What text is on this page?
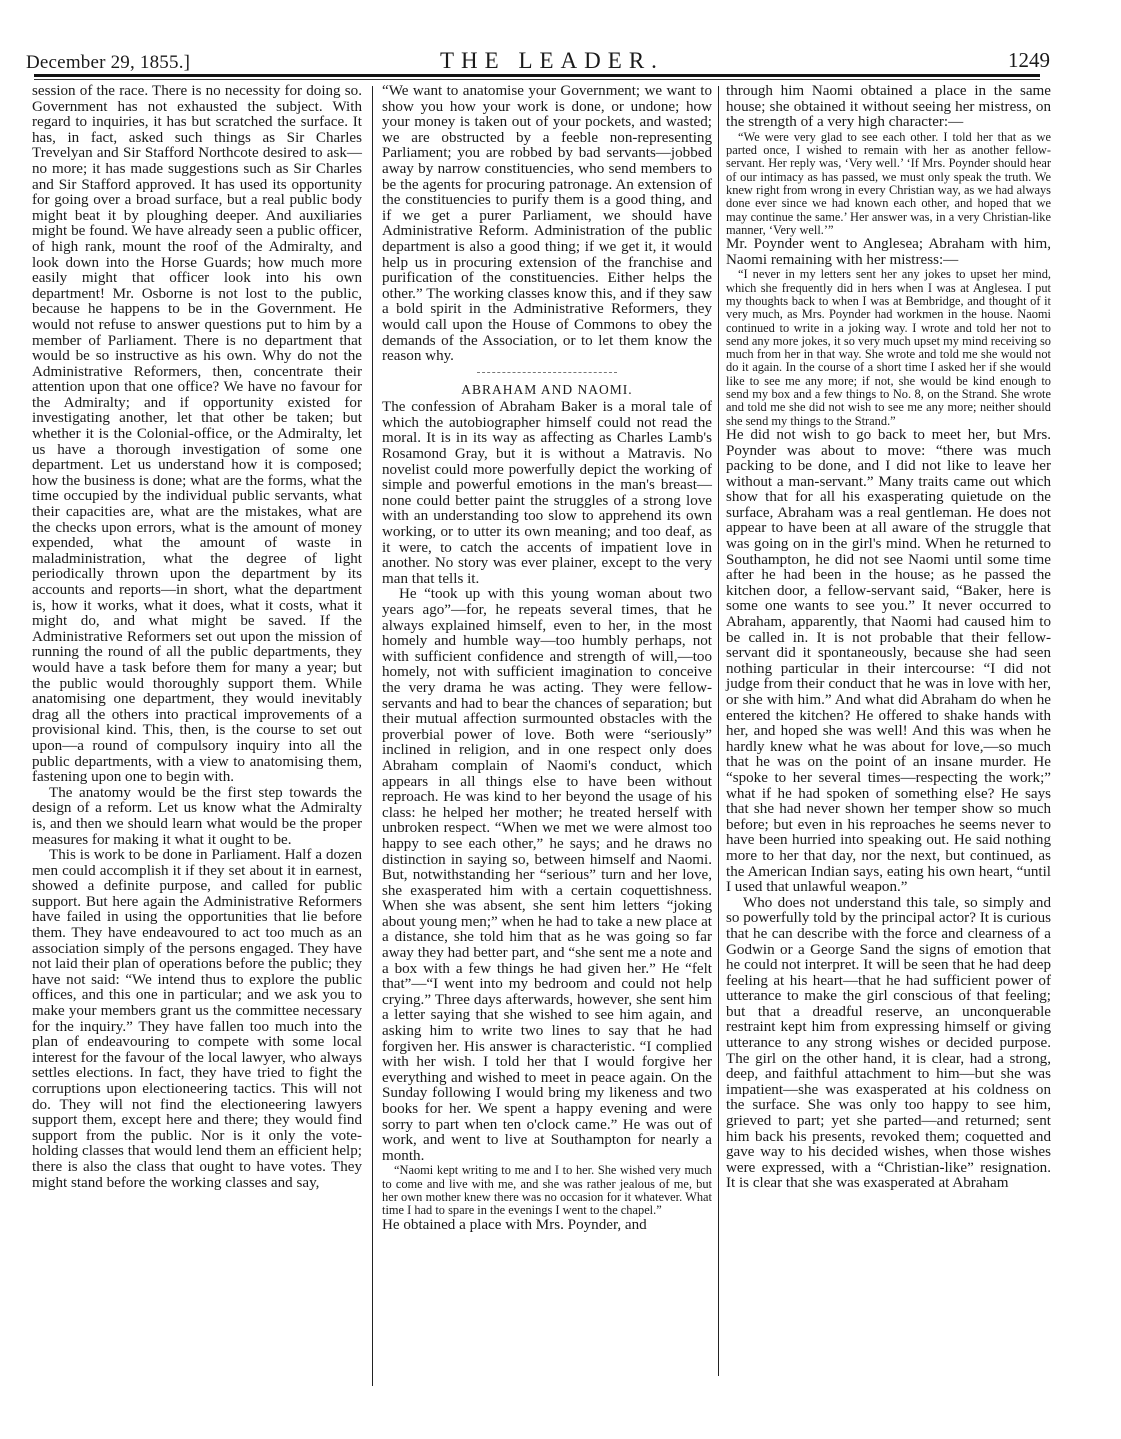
December 29, 1855.]	THE LEADER.	1249

session of the race. There is no necessity for doing so. Government has not exhausted the subject. With regard to inquiries, it has but scratched the surface. It has, in fact, asked such things as Sir Charles Trevelyan and Sir Stafford Northcote desired to ask—no more; it has made suggestions such as Sir Charles and Sir Stafford approved. It has used its opportunity for going over a broad surface, but a real public body might beat it by ploughing deeper. And auxiliaries might be found. We have already seen a public officer, of high rank, mount the roof of the Admiralty, and look down into the Horse Guards; how much more easily might that officer look into his own department! Mr. Osborne is not lost to the public, because he happens to be in the Government. He would not refuse to answer questions put to him by a member of Parliament. There is no department that would be so instructive as his own. Why do not the Administrative Reformers, then, concentrate their attention upon that one office? We have no favour for the Admiralty; and if opportunity existed for investigating another, let that other be taken; but whether it is the Colonial-office, or the Admiralty, let us have a thorough investigation of some one department. Let us understand how it is composed; how the business is done; what are the forms, what the time occupied by the individual public servants, what their capacities are, what are the mistakes, what are the checks upon errors, what is the amount of money expended, what the amount of waste in maladministration, what the degree of light periodically thrown upon the department by its accounts and reports—in short, what the department is, how it works, what it does, what it costs, what it might do, and what might be saved. If the Administrative Reformers set out upon the mission of running the round of all the public departments, they would have a task before them for many a year; but the public would thoroughly support them. While anatomising one department, they would inevitably drag all the others into practical improvements of a provisional kind. This, then, is the course to set out upon—a round of compulsory inquiry into all the public departments, with a view to anatomising them, fastening upon one to begin with.

The anatomy would be the first step towards the design of a reform. Let us know what the Admiralty is, and then we should learn what would be the proper measures for making it what it ought to be.

This is work to be done in Parliament. Half a dozen men could accomplish it if they set about it in earnest, showed a definite purpose, and called for public support. But here again the Administrative Reformers have failed in using the opportunities that lie before them. They have endeavoured to act too much as an association simply of the persons engaged. They have not laid their plan of operations before the public; they have not said: “We intend thus to explore the public offices, and this one in particular; and we ask you to make your members grant us the committee necessary for the inquiry.” They have fallen too much into the plan of endeavouring to compete with some local interest for the favour of the local lawyer, who always settles elections. In fact, they have tried to fight the corruptions upon electioneering tactics. This will not do. They will not find the electioneering lawyers support them, except here and there; they would find support from the public. Nor is it only the vote-holding classes that would lend them an efficient help; there is also the class that ought to have votes. They might stand before the working classes and say,

“We want to anatomise your Government; we want to show you how your work is done, or undone; how your money is taken out of your pockets, and wasted; we are obstructed by a feeble non-representing Parliament; you are robbed by bad servants—jobbed away by narrow constituencies, who send members to be the agents for procuring patronage. An extension of the constituencies to purify them is a good thing, and if we get a purer Parliament, we should have Administrative Reform. Administration of the public department is also a good thing; if we get it, it would help us in procuring extension of the franchise and purification of the constituencies. Either helps the other.” The working classes know this, and if they saw a bold spirit in the Administrative Reformers, they would call upon the House of Commons to obey the demands of the Association, or to let them know the reason why.

ABRAHAM AND NAOMI.

The confession of Abraham Baker is a moral tale of which the autobiographer himself could not read the moral. It is in its way as affecting as Charles Lamb's Rosamond Gray, but it is without a Matravis. No novelist could more powerfully depict the working of simple and powerful emotions in the man's breast—none could better paint the struggles of a strong love with an understanding too slow to apprehend its own working, or to utter its own meaning; and too deaf, as it were, to catch the accents of impatient love in another. No story was ever plainer, except to the very man that tells it.

He “took up with this young woman about two years ago”—for, he repeats several times, that he always explained himself, even to her, in the most homely and humble way—too humbly perhaps, not with sufficient confidence and strength of will,—too homely, not with sufficient imagination to conceive the very drama he was acting. They were fellow-servants and had to bear the chances of separation; but their mutual affection surmounted obstacles with the proverbial power of love. Both were “seriously” inclined in religion, and in one respect only does Abraham complain of Naomi's conduct, which appears in all things else to have been without reproach. He was kind to her beyond the usage of his class: he helped her mother; he treated herself with unbroken respect. “When we met we were almost too happy to see each other,” he says; and he draws no distinction in saying so, between himself and Naomi. But, notwithstanding her “serious” turn and her love, she exasperated him with a certain coquettishness. When she was absent, she sent him letters “joking about young men;” when he had to take a new place at a distance, she told him that as he was going so far away they had better part, and “she sent me a note and a box with a few things he had given her.” He “felt that”—“I went into my bedroom and could not help crying.” Three days afterwards, however, she sent him a letter saying that she wished to see him again, and asking him to write two lines to say that he had forgiven her. His answer is characteristic. “I complied with her wish. I told her that I would forgive her everything and wished to meet in peace again. On the Sunday following I would bring my likeness and two books for her. We spent a happy evening and were sorry to part when ten o'clock came.” He was out of work, and went to live at Southampton for nearly a month.

“Naomi kept writing to me and I to her. She wished very much to come and live with me, and she was rather jealous of me, but her own mother knew there was no occasion for it whatever. What time I had to spare in the evenings I went to the chapel.”

He obtained a place with Mrs. Poynder, and

through him Naomi obtained a place in the same house; she obtained it without seeing her mistress, on the strength of a very high character:—

“We were very glad to see each other. I told her that as we parted once, I wished to remain with her as another fellow-servant. Her reply was, ‘Very well.’ ‘If Mrs. Poynder should hear of our intimacy as has passed, we must only speak the truth. We knew right from wrong in every Christian way, as we had always done ever since we had known each other, and hoped that we may continue the same.’ Her answer was, in a very Christian-like manner, ‘Very well.’”

Mr. Poynder went to Anglesea; Abraham with him, Naomi remaining with her mistress:—

“I never in my letters sent her any jokes to upset her mind, which she frequently did in hers when I was at Anglesea. I put my thoughts back to when I was at Bembridge, and thought of it very much, as Mrs. Poynder had workmen in the house. Naomi continued to write in a joking way. I wrote and told her not to send any more jokes, it so very much upset my mind receiving so much from her in that way. She wrote and told me she would not do it again. In the course of a short time I asked her if she would like to see me any more; if not, she would be kind enough to send my box and a few things to No. 8, on the Strand. She wrote and told me she did not wish to see me any more; neither should she send my things to the Strand.”

He did not wish to go back to meet her, but Mrs. Poynder was about to move: “there was much packing to be done, and I did not like to leave her without a man-servant.” Many traits came out which show that for all his exasperating quietude on the surface, Abraham was a real gentleman. He does not appear to have been at all aware of the struggle that was going on in the girl's mind. When he returned to Southampton, he did not see Naomi until some time after he had been in the house; as he passed the kitchen door, a fellow-servant said, “Baker, here is some one wants to see you.” It never occurred to Abraham, apparently, that Naomi had caused him to be called in. It is not probable that their fellow-servant did it spontaneously, because she had seen nothing particular in their intercourse: “I did not judge from their conduct that he was in love with her, or she with him.” And what did Abraham do when he entered the kitchen? He offered to shake hands with her, and hoped she was well! And this was when he hardly knew what he was about for love,—so much that he was on the point of an insane murder. He “spoke to her several times—respecting the work;” what if he had spoken of something else? He says that she had never shown her temper show so much before; but even in his reproaches he seems never to have been hurried into speaking out. He said nothing more to her that day, nor the next, but continued, as the American Indian says, eating his own heart, “until I used that unlawful weapon.”

Who does not understand this tale, so simply and so powerfully told by the principal actor? It is curious that he can describe with the force and clearness of a Godwin or a George Sand the signs of emotion that he could not interpret. It will be seen that he had deep feeling at his heart—that he had sufficient power of utterance to make the girl conscious of that feeling; but that a dreadful reserve, an unconquerable restraint kept him from expressing himself or giving utterance to any strong wishes or decided purpose. The girl on the other hand, it is clear, had a strong, deep, and faithful attachment to him—but she was impatient—she was exasperated at his coldness on the surface. She was only too happy to see him, grieved to part; yet she parted—and returned; sent him back his presents, revoked them; coquetted and gave way to his decided wishes, when those wishes were expressed, with a “Christian-like” resignation. It is clear that she was exasperated at Abraham
